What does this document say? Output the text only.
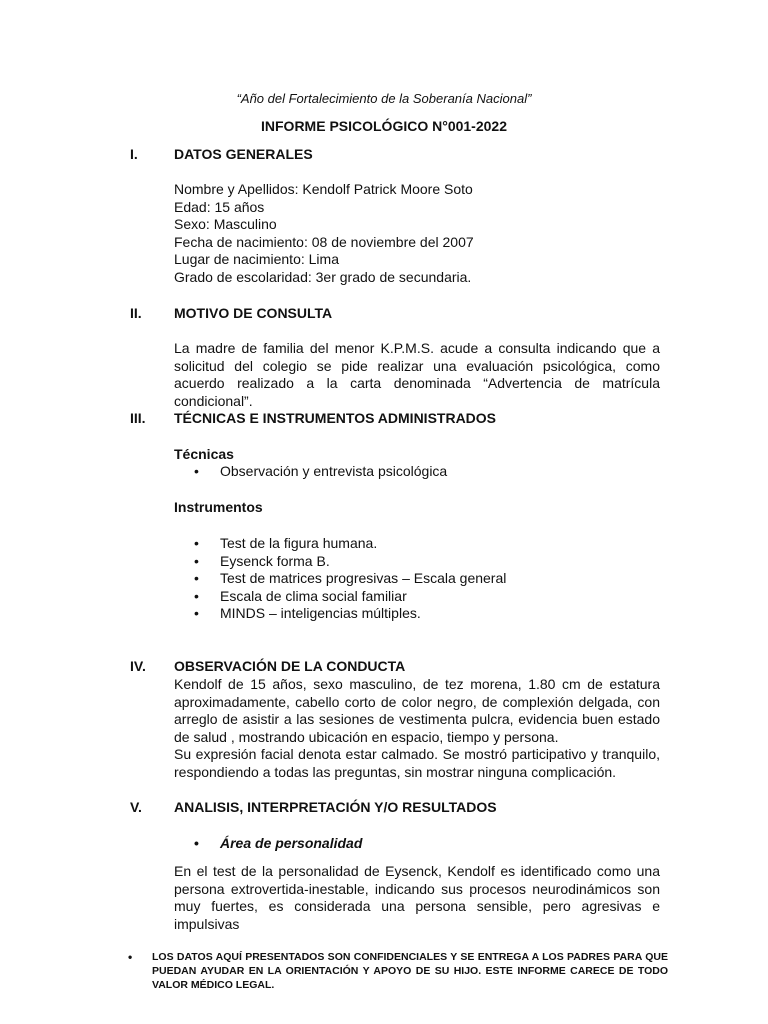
“Año del Fortalecimiento de la Soberanía Nacional”
INFORME PSICOLÓGICO N°001-2022
I.	DATOS GENERALES
Nombre y Apellidos: Kendolf Patrick Moore Soto
Edad: 15 años
Sexo: Masculino
Fecha de nacimiento: 08 de noviembre del 2007
Lugar de nacimiento: Lima
Grado de escolaridad: 3er grado de secundaria.
II. MOTIVO DE CONSULTA

La madre de familia del menor K.P.M.S. acude a consulta indicando que a solicitud del colegio se pide realizar una evaluación psicológica, como acuerdo realizado a la carta denominada “Advertencia de matrícula condicional”.

III. TÉCNICAS E INSTRUMENTOS ADMINISTRADOS
Técnicas
• Observación y entrevista psicológica
Instrumentos
• Test de la figura humana.
• Eysenck forma B.
• Test de matrices progresivas – Escala general
• Escala de clima social familiar
• MINDS – inteligencias múltiples.
IV. OBSERVACIÓN DE LA CONDUCTA

Kendolf de 15 años, sexo masculino, de tez morena, 1.80 cm de estatura aproximadamente, cabello corto de color negro, de complexión delgada, con arreglo de asistir a las sesiones de vestimenta pulcra, evidencia buen estado de salud , mostrando ubicación en espacio, tiempo y persona.

Su expresión facial denota estar calmado. Se mostró participativo y tranquilo, respondiendo a todas las preguntas, sin mostrar ninguna complicación.

V. ANALISIS, INTERPRETACIÓN Y/O RESULTADOS
• Área de personalidad

En el test de la personalidad de Eysenck, Kendolf es identificado como una persona extrovertida-inestable, indicando sus procesos neurodinámicos son muy fuertes, es considerada una persona sensible, pero agresivas e impulsivas

• LOS DATOS AQUÍ PRESENTADOS SON CONFIDENCIALES Y SE ENTREGA A LOS PADRES PARA QUE PUEDAN AYUDAR EN LA ORIENTACIÓN Y APOYO DE SU HIJO. ESTE INFORME CARECE DE TODO VALOR MÉDICO LEGAL.
